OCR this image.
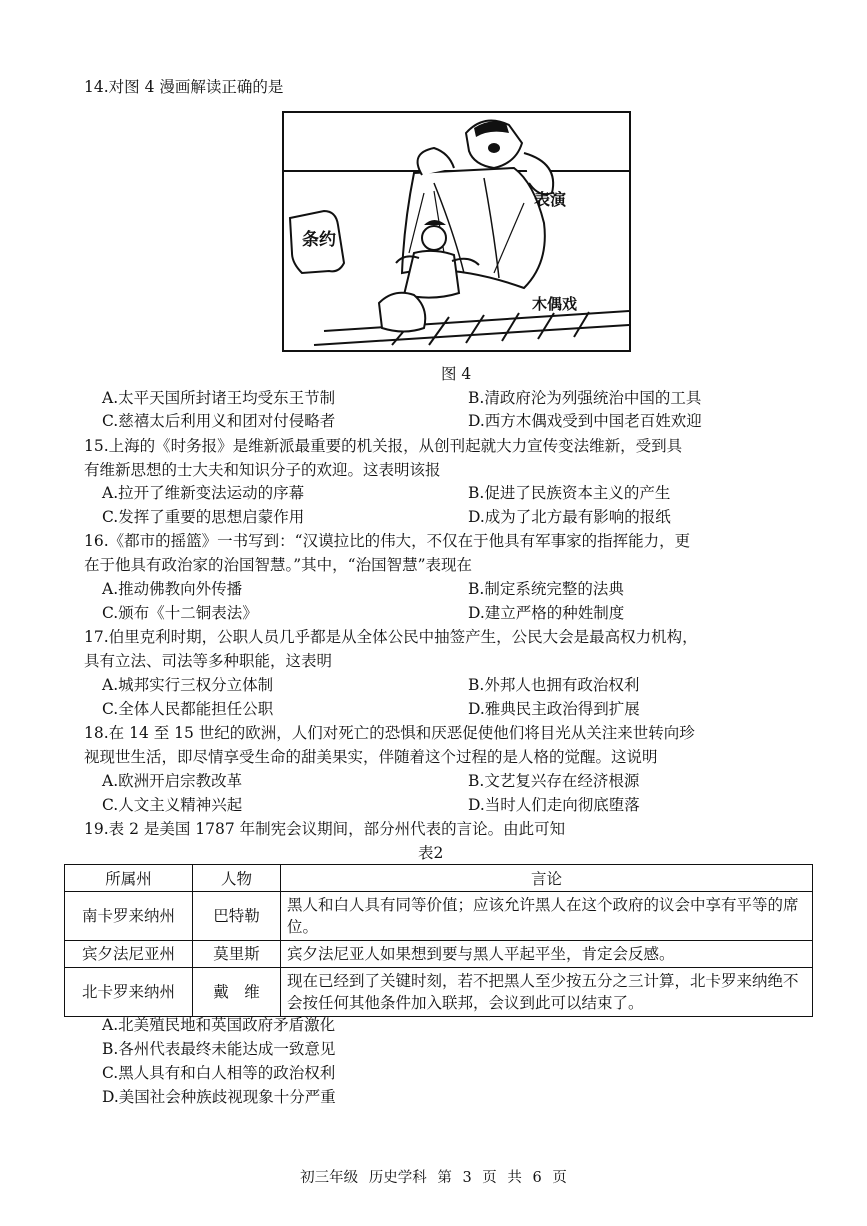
14.对图 4 漫画解读正确的是
条约
表演
木偶戏
图 4
A.太平天国所封诸王均受东王节制	B.清政府沦为列强统治中国的工具
C.慈禧太后利用义和团对付侵略者	D.西方木偶戏受到中国老百姓欢迎
15.上海的《时务报》是维新派最重要的机关报，从创刊起就大力宣传变法维新，受到具
有维新思想的士大夫和知识分子的欢迎。这表明该报
A.拉开了维新变法运动的序幕	B.促进了民族资本主义的产生
C.发挥了重要的思想启蒙作用	D.成为了北方最有影响的报纸
16.《都市的摇篮》一书写到：“汉谟拉比的伟大，不仅在于他具有军事家的指挥能力，更
在于他具有政治家的治国智慧。”其中，“治国智慧”表现在
A.推动佛教向外传播	B.制定系统完整的法典
C.颁布《十二铜表法》	D.建立严格的种姓制度
17.伯里克利时期，公职人员几乎都是从全体公民中抽签产生，公民大会是最高权力机构，
具有立法、司法等多种职能，这表明
A.城邦实行三权分立体制	B.外邦人也拥有政治权利
C.全体人民都能担任公职	D.雅典民主政治得到扩展
18.在 14 至 15 世纪的欧洲，人们对死亡的恐惧和厌恶促使他们将目光从关注来世转向珍
视现世生活，即尽情享受生命的甜美果实，伴随着这个过程的是人格的觉醒。这说明
A.欧洲开启宗教改革	B.文艺复兴存在经济根源
C.人文主义精神兴起	D.当时人们走向彻底堕落
19.表 2 是美国 1787 年制宪会议期间，部分州代表的言论。由此可知
表2
所属州	人物	言论
南卡罗来纳州	巴特勒	黑人和白人具有同等价值；应该允许黑人在这个政府的议会中享有平等的席位。
宾夕法尼亚州	莫里斯	宾夕法尼亚人如果想到要与黑人平起平坐，肯定会反感。
北卡罗来纳州	戴　维	现在已经到了关键时刻，若不把黑人至少按五分之三计算，北卡罗来纳绝不会按任何其他条件加入联邦，会议到此可以结束了。
A.北美殖民地和英国政府矛盾激化
B.各州代表最终未能达成一致意见
C.黑人具有和白人相等的政治权利
D.美国社会种族歧视现象十分严重
初三年级 历史学科 第 3 页 共 6 页
